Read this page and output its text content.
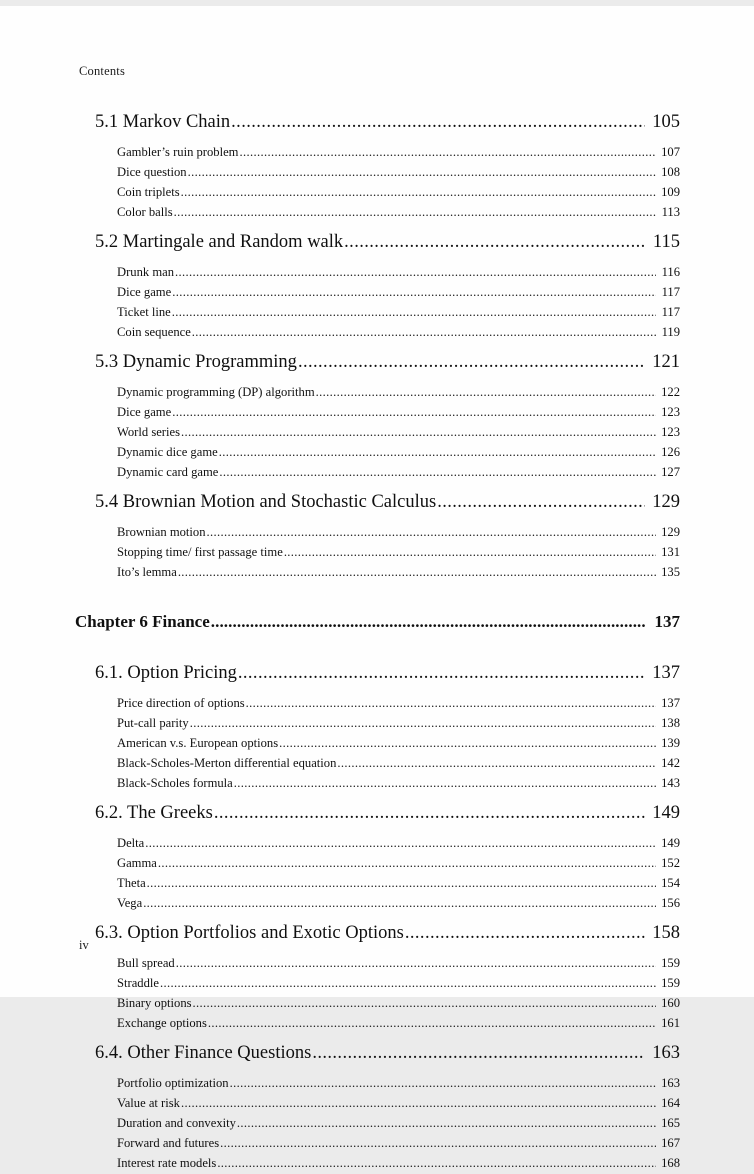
Contents
5.1 Markov Chain .....	105
Gambler’s ruin problem .....	107
Dice question .....	108
Coin triplets .....	109
Color balls .....	113
5.2 Martingale and Random walk .....	115
Drunk man .....	116
Dice game .....	117
Ticket line .....	117
Coin sequence .....	119
5.3 Dynamic Programming .....	121
Dynamic programming (DP) algorithm .....	122
Dice game .....	123
World series .....	123
Dynamic dice game .....	126
Dynamic card game .....	127
5.4 Brownian Motion and Stochastic Calculus .....	129
Brownian motion .....	129
Stopping time/ first passage time .....	131
Ito’s lemma .....	135
Chapter 6 Finance .....	137
6.1. Option Pricing .....	137
Price direction of options .....	137
Put-call parity .....	138
American v.s. European options .....	139
Black-Scholes-Merton differential equation .....	142
Black-Scholes formula .....	143
6.2. The Greeks .....	149
Delta .....	149
Gamma .....	152
Theta .....	154
Vega .....	156
6.3. Option Portfolios and Exotic Options .....	158
Bull spread .....	159
Straddle .....	159
Binary options .....	160
Exchange options .....	161
6.4. Other Finance Questions .....	163
Portfolio optimization .....	163
Value at risk .....	164
Duration and convexity .....	165
Forward and futures .....	167
Interest rate models .....	168
iv
